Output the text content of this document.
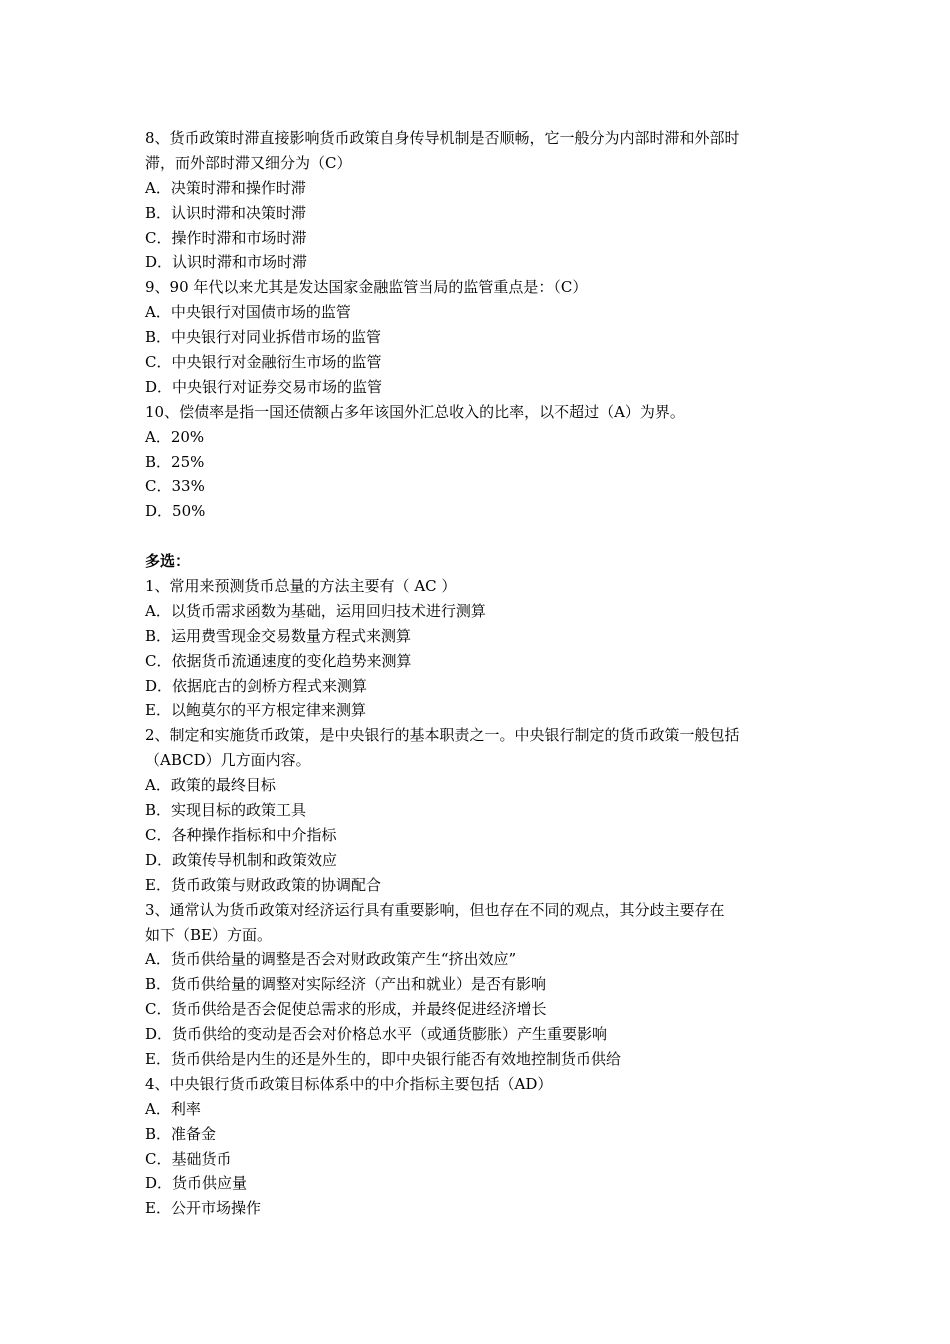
8、货币政策时滞直接影响货币政策自身传导机制是否顺畅，它一般分为内部时滞和外部时
滞，而外部时滞又细分为（C）
A．决策时滞和操作时滞
B．认识时滞和决策时滞
C．操作时滞和市场时滞
D．认识时滞和市场时滞
9、90 年代以来尤其是发达国家金融监管当局的监管重点是：（C）
A．中央银行对国债市场的监管
B．中央银行对同业拆借市场的监管
C．中央银行对金融衍生市场的监管
D．中央银行对证券交易市场的监管
10、偿债率是指一国还债额占多年该国外汇总收入的比率，以不超过（A）为界。
A．20%
B．25%
C．33%
D．50%
多选：
1、常用来预测货币总量的方法主要有（ AC ）
A．以货币需求函数为基础，运用回归技术进行测算
B．运用费雪现金交易数量方程式来测算
C．依据货币流通速度的变化趋势来测算
D．依据庇古的剑桥方程式来测算
E．以鲍莫尔的平方根定律来测算
2、制定和实施货币政策，是中央银行的基本职责之一。中央银行制定的货币政策一般包括
（ABCD）几方面内容。
A．政策的最终目标
B．实现目标的政策工具
C．各种操作指标和中介指标
D．政策传导机制和政策效应
E．货币政策与财政政策的协调配合
3、通常认为货币政策对经济运行具有重要影响，但也存在不同的观点，其分歧主要存在
如下（BE）方面。
A．货币供给量的调整是否会对财政政策产生“挤出效应”
B．货币供给量的调整对实际经济（产出和就业）是否有影响
C．货币供给是否会促使总需求的形成，并最终促进经济增长
D．货币供给的变动是否会对价格总水平（或通货膨胀）产生重要影响
E．货币供给是内生的还是外生的，即中央银行能否有效地控制货币供给
4、中央银行货币政策目标体系中的中介指标主要包括（AD）
A．利率
B．准备金
C．基础货币
D．货币供应量
E．公开市场操作
